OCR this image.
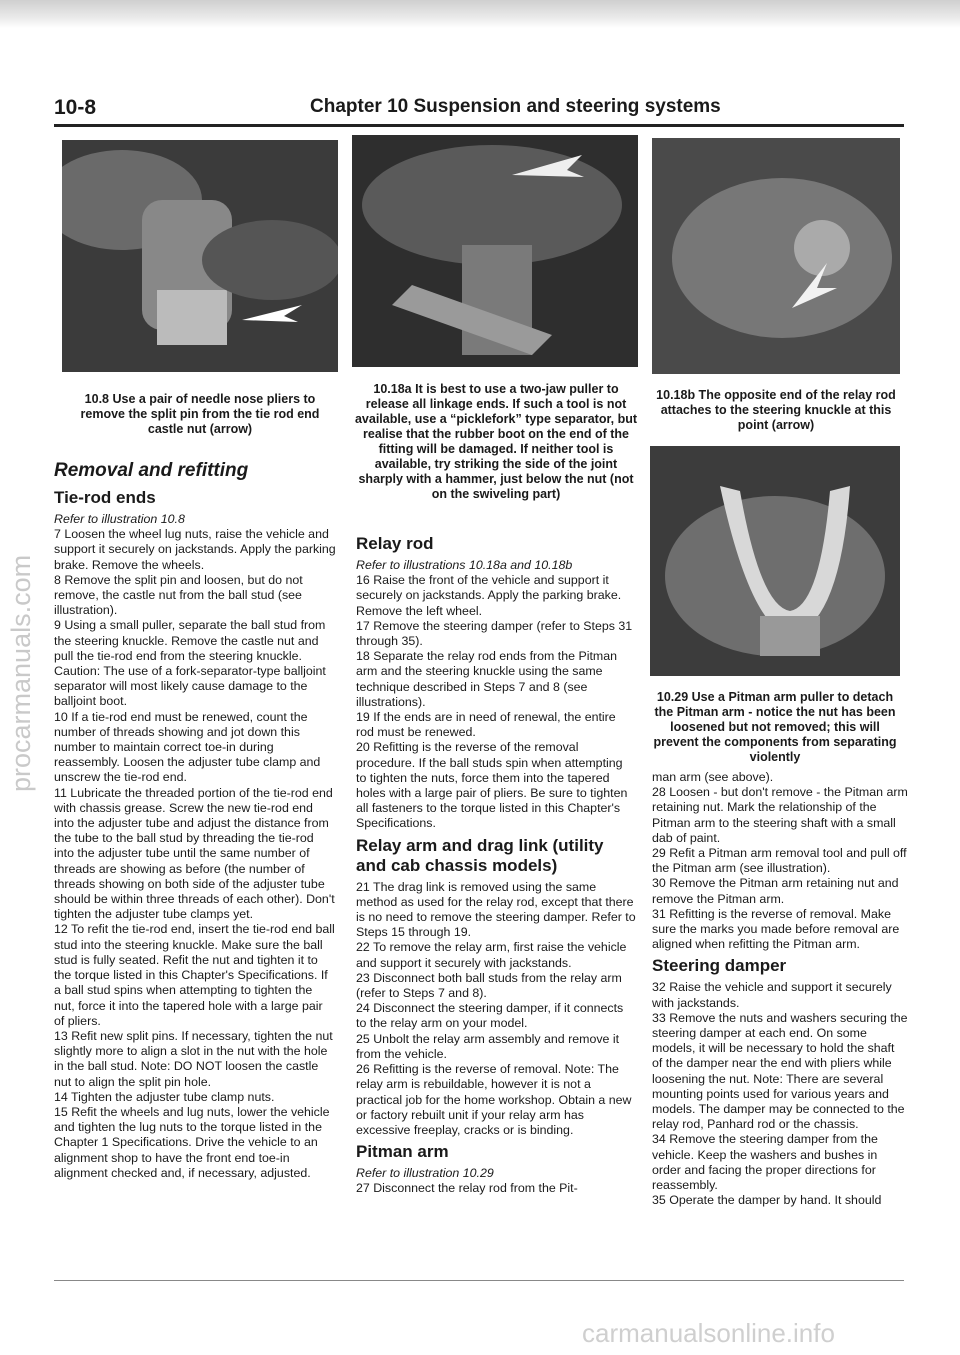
10-8	Chapter 10 Suspension and steering systems
procarmanuals.com
10.8 Use a pair of needle nose pliers to remove the split pin from the tie rod end castle nut (arrow)
10.18a It is best to use a two-jaw puller to release all linkage ends. If such a tool is not available, use a “picklefork” type separator, but realise that the rubber boot on the end of the fitting will be damaged. If neither tool is available, try striking the side of the joint sharply with a hammer, just below the nut (not on the swiveling part)
10.18b The opposite end of the relay rod attaches to the steering knuckle at this point (arrow)
10.29 Use a Pitman arm puller to detach the Pitman arm - notice the nut has been loosened but not removed; this will prevent the components from separating violently
Removal and refitting
Tie-rod ends

Refer to illustration 10.8

7 Loosen the wheel lug nuts, raise the vehicle and support it securely on jackstands. Apply the parking brake. Remove the wheels.

8 Remove the split pin and loosen, but do not remove, the castle nut from the ball stud (see illustration).

9 Using a small puller, separate the ball stud from the steering knuckle. Remove the castle nut and pull the tie-rod end from the steering knuckle. Caution: The use of a fork-separator-type balljoint separator will most likely cause damage to the balljoint boot.

10 If a tie-rod end must be renewed, count the number of threads showing and jot down this number to maintain correct toe-in during reassembly. Loosen the adjuster tube clamp and unscrew the tie-rod end.

11 Lubricate the threaded portion of the tie-rod end with chassis grease. Screw the new tie-rod end into the adjuster tube and adjust the distance from the tube to the ball stud by threading the tie-rod into the adjuster tube until the same number of threads are showing as before (the number of threads showing on both side of the adjuster tube should be within three threads of each other). Don't tighten the adjuster tube clamps yet.

12 To refit the tie-rod end, insert the tie-rod end ball stud into the steering knuckle. Make sure the ball stud is fully seated. Refit the nut and tighten it to the torque listed in this Chapter's Specifications. If a ball stud spins when attempting to tighten the nut, force it into the tapered hole with a large pair of pliers.

13 Refit new split pins. If necessary, tighten the nut slightly more to align a slot in the nut with the hole in the ball stud. Note: DO NOT loosen the castle nut to align the split pin hole.

14 Tighten the adjuster tube clamp nuts.

15 Refit the wheels and lug nuts, lower the vehicle and tighten the lug nuts to the torque listed in the Chapter 1 Specifications. Drive the vehicle to an alignment shop to have the front end toe-in alignment checked and, if necessary, adjusted.

Relay rod

Refer to illustrations 10.18a and 10.18b

16 Raise the front of the vehicle and support it securely on jackstands. Apply the parking brake. Remove the left wheel.

17 Remove the steering damper (refer to Steps 31 through 35).

18 Separate the relay rod ends from the Pitman arm and the steering knuckle using the same technique described in Steps 7 and 8 (see illustrations).

19 If the ends are in need of renewal, the entire rod must be renewed.

20 Refitting is the reverse of the removal procedure. If the ball studs spin when attempting to tighten the nuts, force them into the tapered holes with a large pair of pliers. Be sure to tighten all fasteners to the torque listed in this Chapter's Specifications.

Relay arm and drag link (utility and cab chassis models)

21 The drag link is removed using the same method as used for the relay rod, except that there is no need to remove the steering damper. Refer to Steps 15 through 19.

22 To remove the relay arm, first raise the vehicle and support it securely with jackstands.

23 Disconnect both ball studs from the relay arm (refer to Steps 7 and 8).

24 Disconnect the steering damper, if it connects to the relay arm on your model.

25 Unbolt the relay arm assembly and remove it from the vehicle.

26 Refitting is the reverse of removal. Note: The relay arm is rebuildable, however it is not a practical job for the home workshop. Obtain a new or factory rebuilt unit if your relay arm has excessive freeplay, cracks or is binding.

Pitman arm

Refer to illustration 10.29

27 Disconnect the relay rod from the Pit-

man arm (see above).

28 Loosen - but don't remove - the Pitman arm retaining nut. Mark the relationship of the Pitman arm to the steering shaft with a small dab of paint.

29 Refit a Pitman arm removal tool and pull off the Pitman arm (see illustration).

30 Remove the Pitman arm retaining nut and remove the Pitman arm.

31 Refitting is the reverse of removal. Make sure the marks you made before removal are aligned when refitting the Pitman arm.

Steering damper

32 Raise the vehicle and support it securely with jackstands.

33 Remove the nuts and washers securing the steering damper at each end. On some models, it will be necessary to hold the shaft of the damper near the end with pliers while loosening the nut. Note: There are several mounting points used for various years and models. The damper may be connected to the relay rod, Panhard rod or the chassis.

34 Remove the steering damper from the vehicle. Keep the washers and bushes in order and facing the proper directions for reassembly.

35 Operate the damper by hand. It should

carmanualsonline.info
